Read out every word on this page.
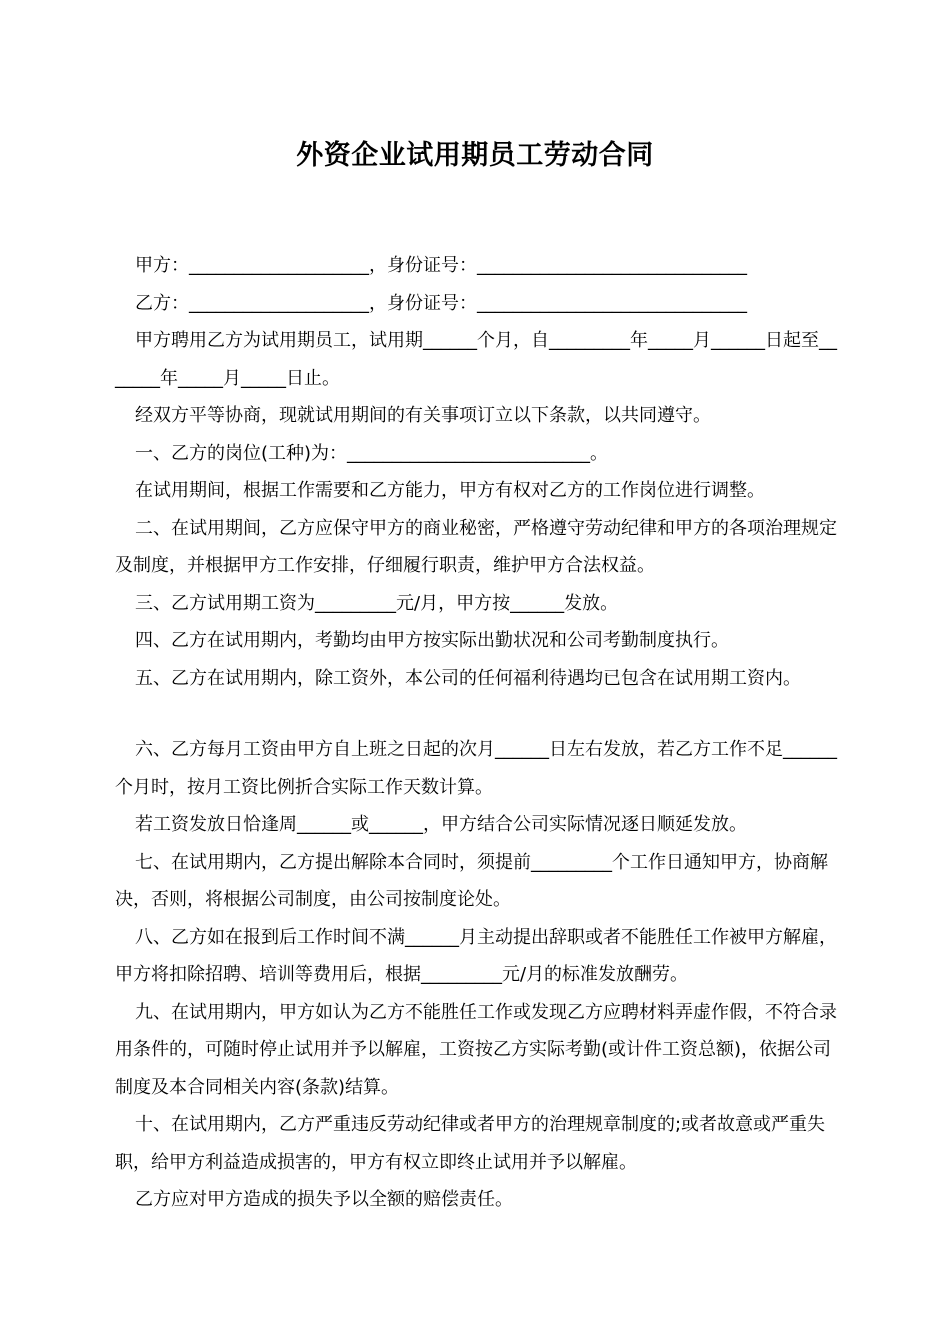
外资企业试用期员工劳动合同

甲方：____________________，身份证号：______________________________

乙方：____________________，身份证号：______________________________

甲方聘用乙方为试用期员工，试用期______个月，自_________年_____月______日起至_______年_____月_____日止。

经双方平等协商，现就试用期间的有关事项订立以下条款，以共同遵守。

一、乙方的岗位(工种)为：___________________________。

在试用期间，根据工作需要和乙方能力，甲方有权对乙方的工作岗位进行调整。

二、在试用期间，乙方应保守甲方的商业秘密，严格遵守劳动纪律和甲方的各项治理规定及制度，并根据甲方工作安排，仔细履行职责，维护甲方合法权益。

三、乙方试用期工资为_________元/月，甲方按______发放。

四、乙方在试用期内，考勤均由甲方按实际出勤状况和公司考勤制度执行。

五、乙方在试用期内，除工资外，本公司的任何福利待遇均已包含在试用期工资内。

六、乙方每月工资由甲方自上班之日起的次月______日左右发放，若乙方工作不足______个月时，按月工资比例折合实际工作天数计算。

若工资发放日恰逢周______或______，甲方结合公司实际情况逐日顺延发放。

七、在试用期内，乙方提出解除本合同时，须提前_________个工作日通知甲方，协商解决，否则，将根据公司制度，由公司按制度论处。

八、乙方如在报到后工作时间不满______月主动提出辞职或者不能胜任工作被甲方解雇，甲方将扣除招聘、培训等费用后，根据_________元/月的标准发放酬劳。

九、在试用期内，甲方如认为乙方不能胜任工作或发现乙方应聘材料弄虚作假，不符合录用条件的，可随时停止试用并予以解雇，工资按乙方实际考勤(或计件工资总额)，依据公司制度及本合同相关内容(条款)结算。

十、在试用期内，乙方严重违反劳动纪律或者甲方的治理规章制度的;或者故意或严重失职，给甲方利益造成损害的，甲方有权立即终止试用并予以解雇。

乙方应对甲方造成的损失予以全额的赔偿责任。
